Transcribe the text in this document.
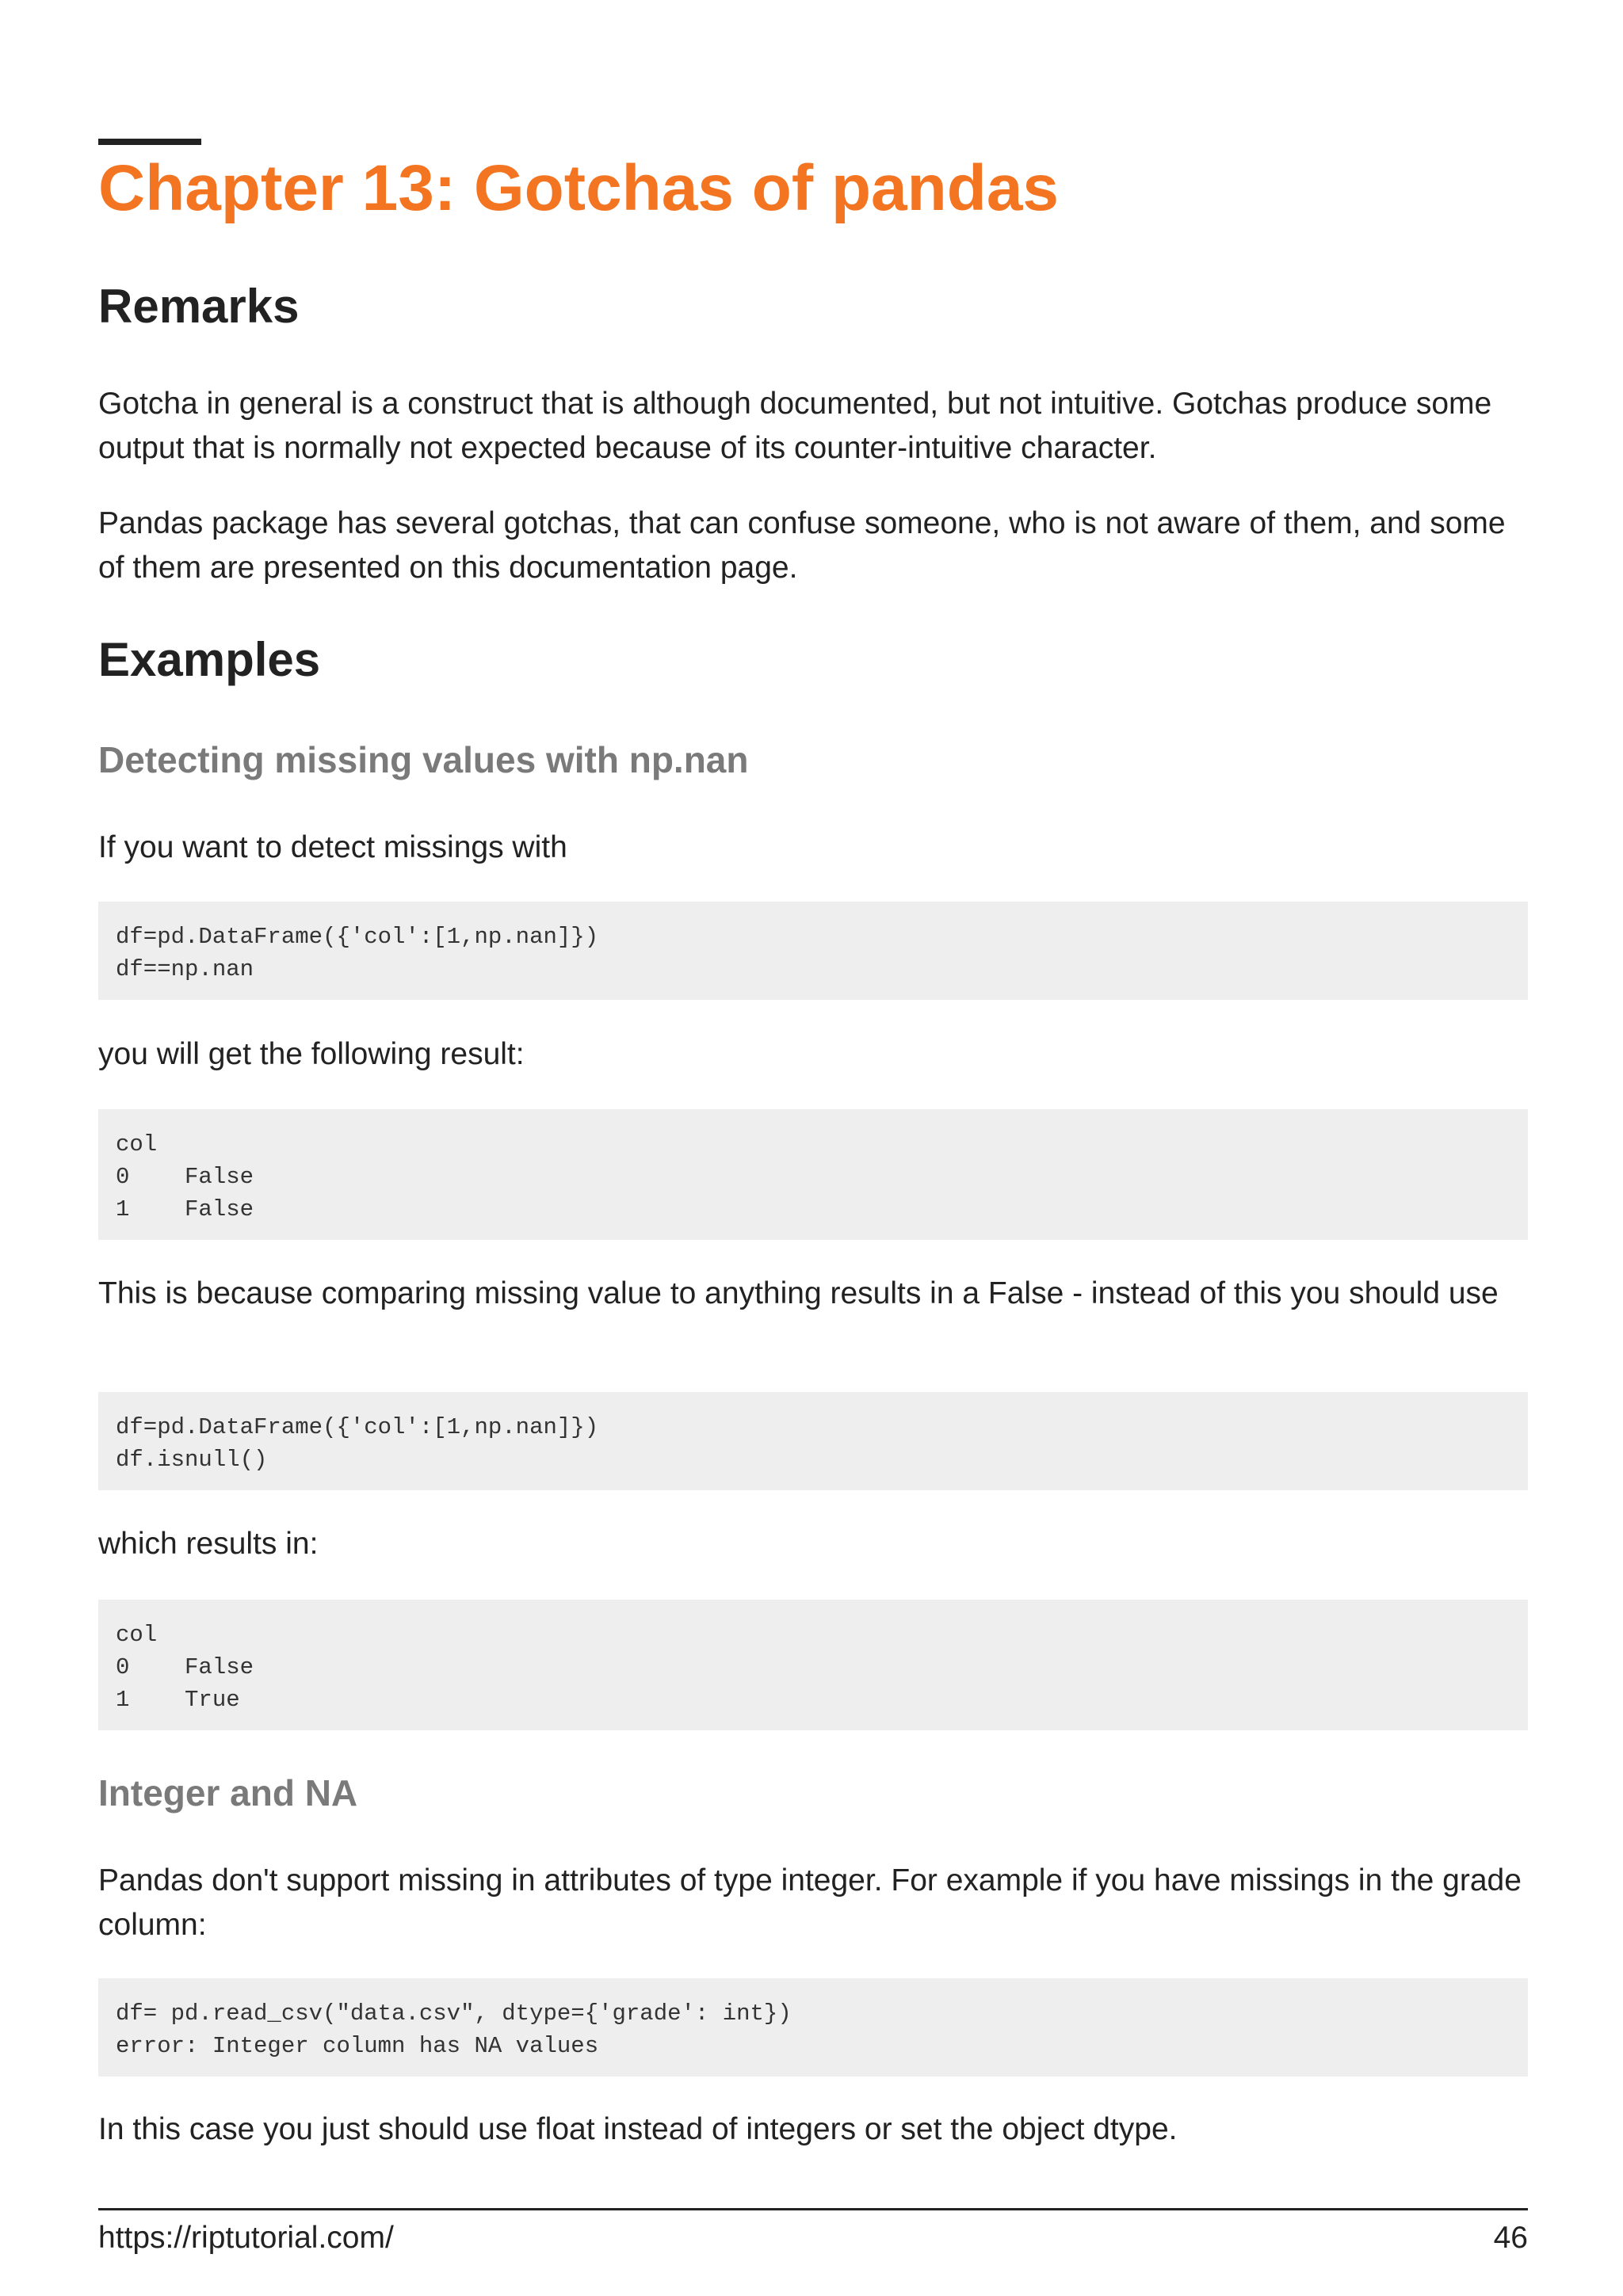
Chapter 13: Gotchas of pandas
Remarks

Gotcha in general is a construct that is although documented, but not intuitive. Gotchas produce some output that is normally not expected because of its counter-intuitive character.

Pandas package has several gotchas, that can confuse someone, who is not aware of them, and some of them are presented on this documentation page.

Examples
Detecting missing values with np.nan

If you want to detect missings with

df=pd.DataFrame({'col':[1,np.nan]})
df==np.nan

you will get the following result:

col
0    False
1    False

This is because comparing missing value to anything results in a False - instead of this you should use

df=pd.DataFrame({'col':[1,np.nan]})
df.isnull()

which results in:

col
0    False
1    True
Integer and NA

Pandas don't support missing in attributes of type integer. For example if you have missings in the grade column:

df= pd.read_csv("data.csv", dtype={'grade': int})
error: Integer column has NA values

In this case you just should use float instead of integers or set the object dtype.

https://riptutorial.com/	46
